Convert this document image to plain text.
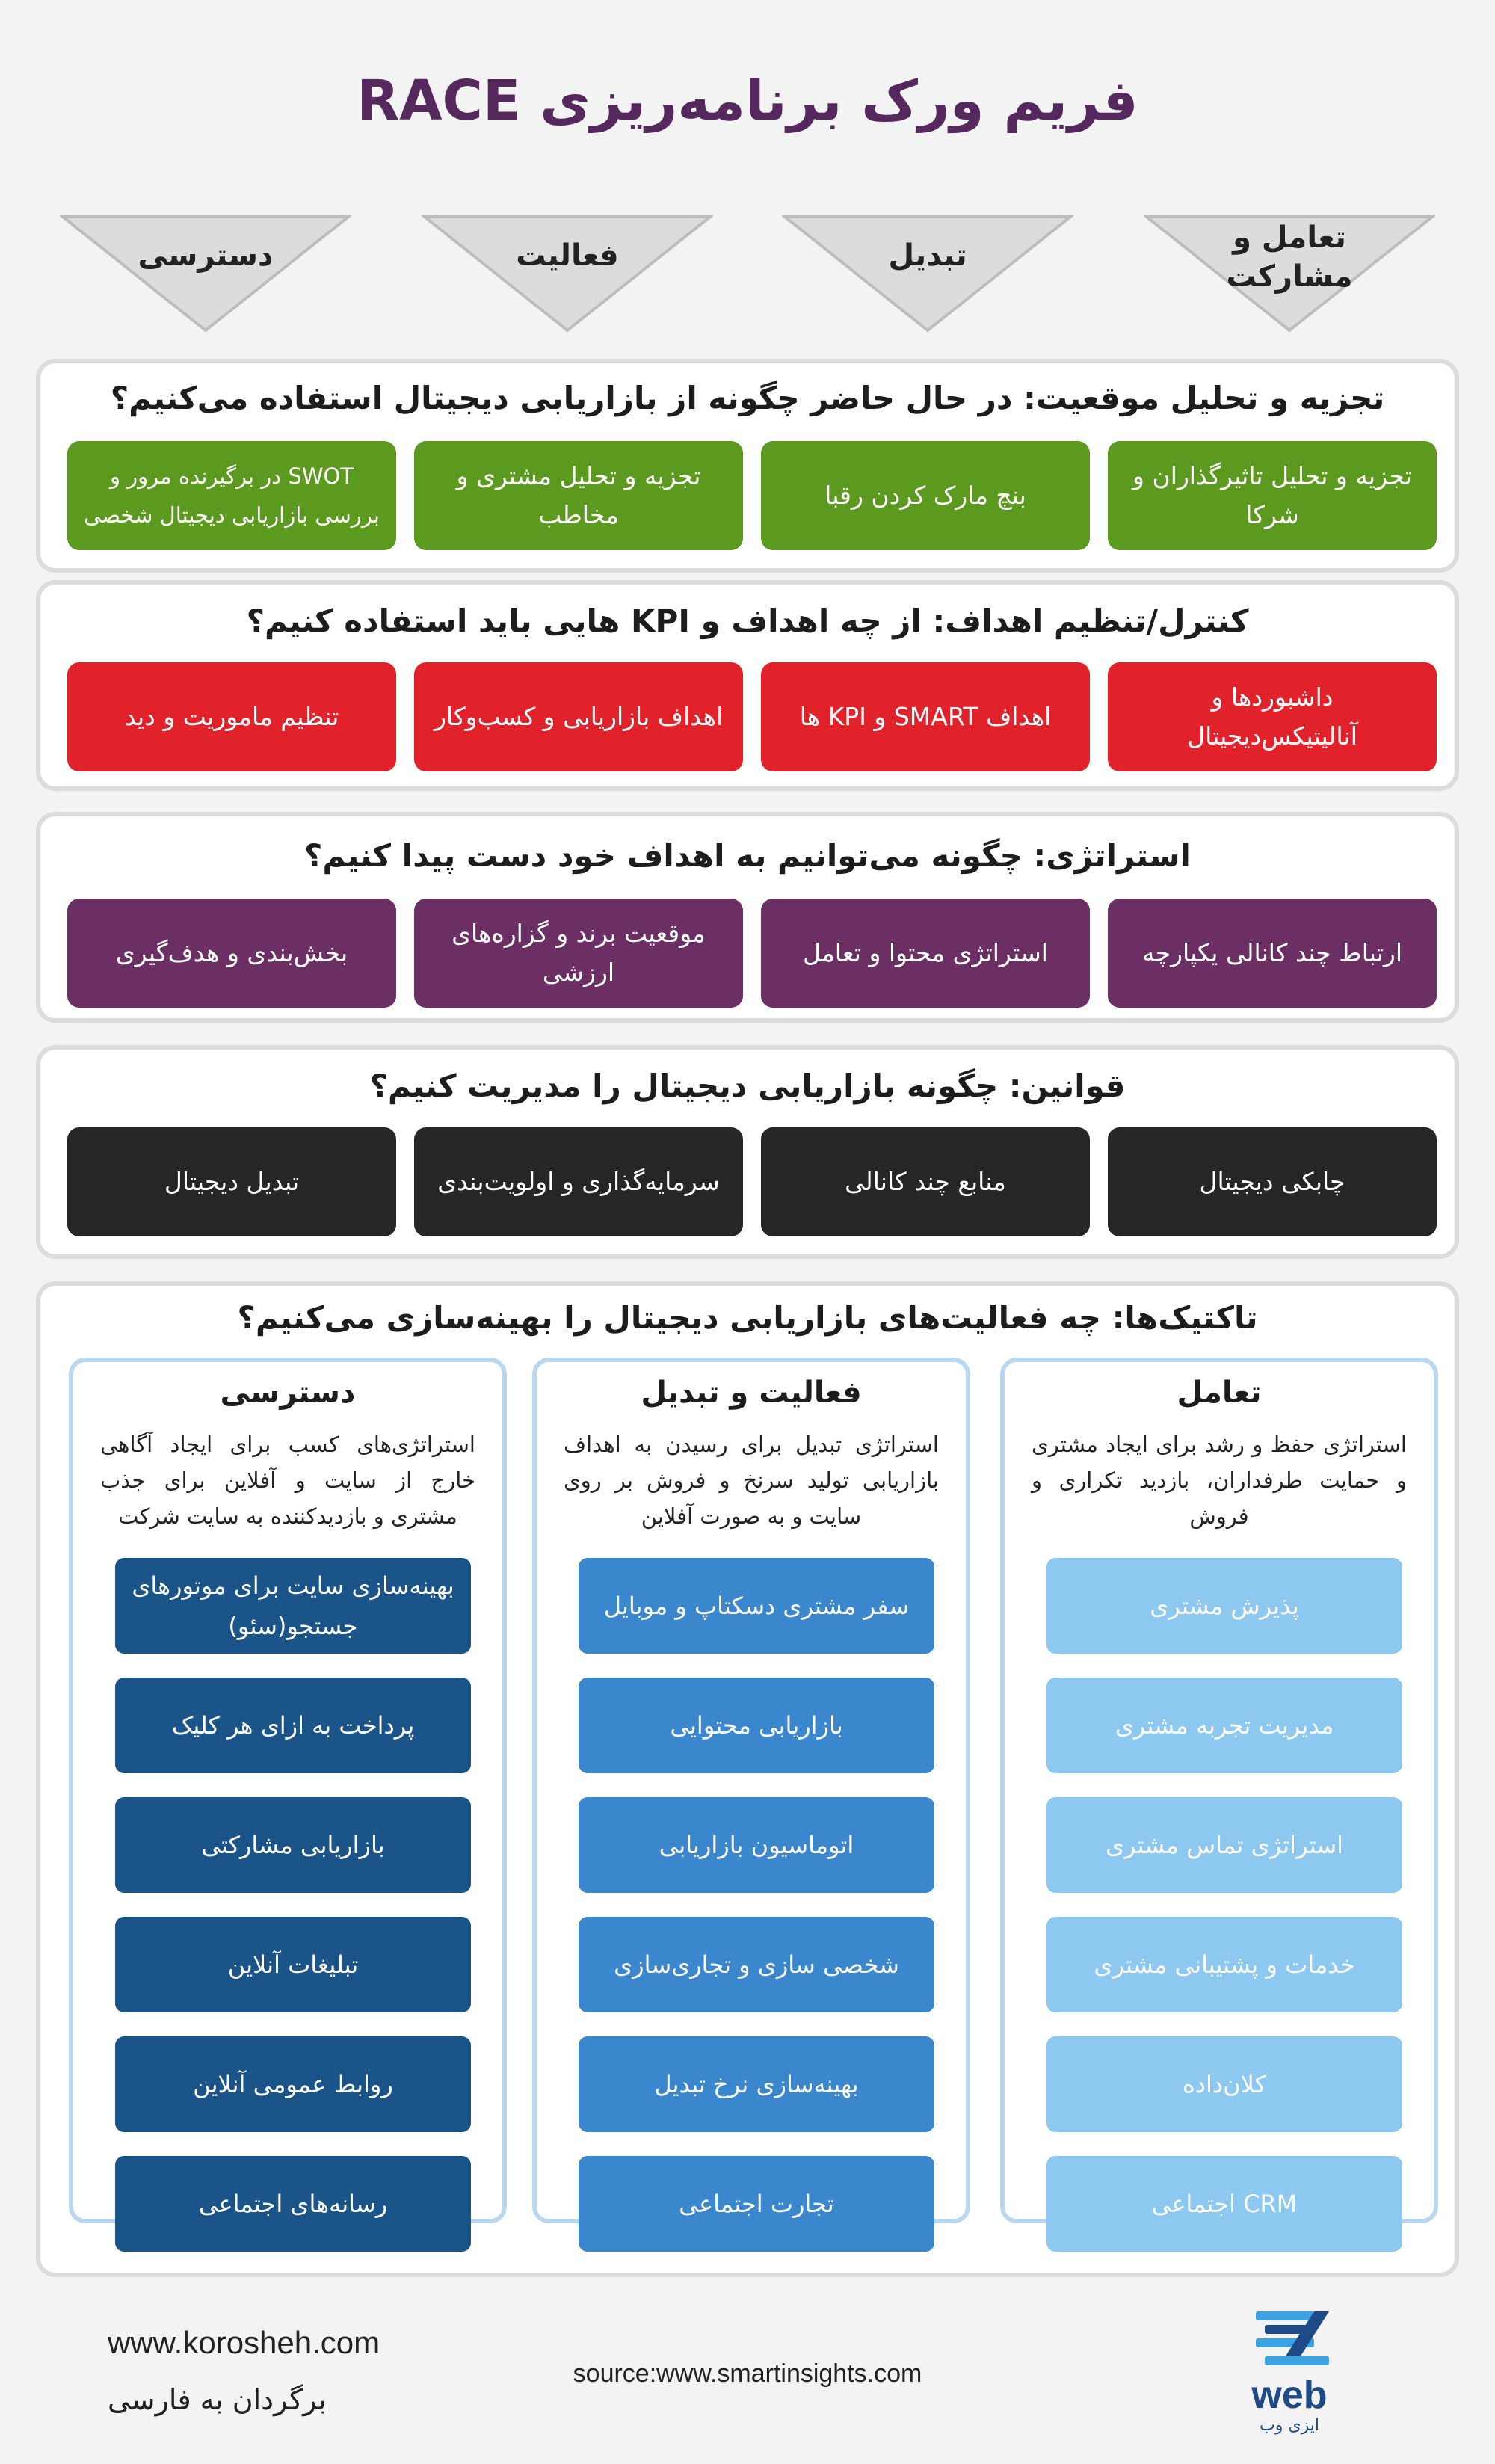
فریم ورک برنامه‌ریزی RACE
تعامل و مشارکت
تبدیل
فعالیت
دسترسی
تجزیه و تحلیل موقعیت: در حال حاضر چگونه از بازاریابی دیجیتال استفاده می‌کنیم؟
تجزیه و تحلیل تاثیرگذاران و شرکا
بنچ مارک کردن رقبا
تجزیه و تحلیل مشتری و مخاطب
SWOT در برگیرنده مرور و بررسی بازاریابی دیجیتال شخصی
کنترل/تنظیم اهداف: از چه اهداف و KPI هایی باید استفاده کنیم؟
داشبوردها و آنالیتیکس‌دیجیتال
اهداف SMART و KPI ها
اهداف بازاریابی و کسب‌وکار
تنظیم ماموریت و دید
استراتژی: چگونه می‌توانیم به اهداف خود دست پیدا کنیم؟
ارتباط چند کانالی یکپارچه
استراتژی محتوا و تعامل
موقعیت برند و گزاره‌های ارزشی
بخش‌بندی و هدف‌گیری
قوانین: چگونه بازاریابی دیجیتال را مدیریت کنیم؟
چابکی دیجیتال
منابع چند کانالی
سرمایه‌گذاری و اولویت‌بندی
تبدیل دیجیتال
تاکتیک‌ها: چه فعالیت‌های بازاریابی دیجیتال را بهینه‌سازی می‌کنیم؟
تعامل
استراتژی حفظ و رشد برای ایجاد مشتری و حمایت طرفداران، بازدید تکراری و فروش
پذیرش مشتری
مدیریت تجربه مشتری
استراتژی تماس مشتری
خدمات و پشتیبانی مشتری
کلان‌داده
CRM اجتماعی
فعالیت و تبدیل
استراتژی تبدیل برای رسیدن به اهداف بازاریابی تولید سرنخ و فروش بر روی سایت و به صورت آفلاین
سفر مشتری دسکتاپ و موبایل
بازاریابی محتوایی
اتوماسیون بازاریابی
شخصی سازی و تجاری‌سازی
بهینه‌سازی نرخ تبدیل
تجارت اجتماعی
دسترسی
استراتژی‌های کسب برای ایجاد آگاهی خارج از سایت و آفلاین برای جذب مشتری و بازدیدکننده به سایت شرکت
بهینه‌سازی سایت برای موتورهای جستجو(سئو)
پرداخت به ازای هر کلیک
بازاریابی مشارکتی
تبلیغات آنلاین
روابط عمومی آنلاین
رسانه‌های اجتماعی
www.korosheh.com
برگردان به فارسی
source:www.smartinsights.com	web
ایزی وب
